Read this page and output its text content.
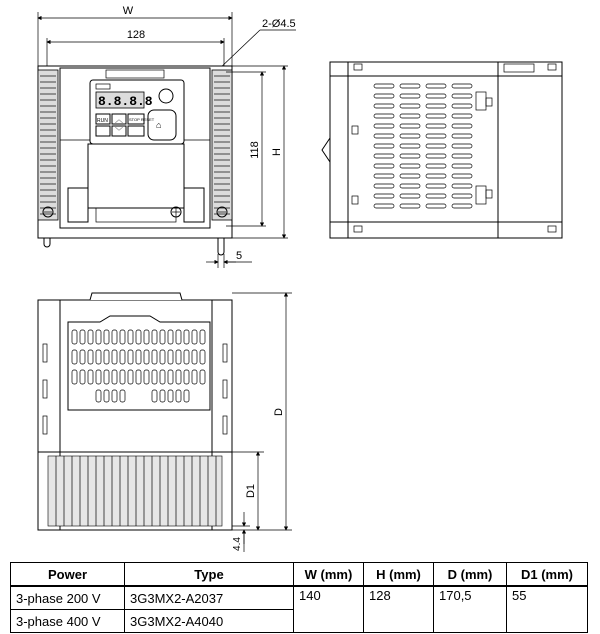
W
128
2-Ø4.5
8.8.8.8
⌂
RUN ︿ STOP RESET
﹀
118 H
5
D
D1
4.4
Power	Type	W (mm)	H (mm)	D (mm)	D1 (mm)
3-phase 200 V	3G3MX2-A2037	140	128	170,5	55
3-phase 400 V	3G3MX2-A4040				
